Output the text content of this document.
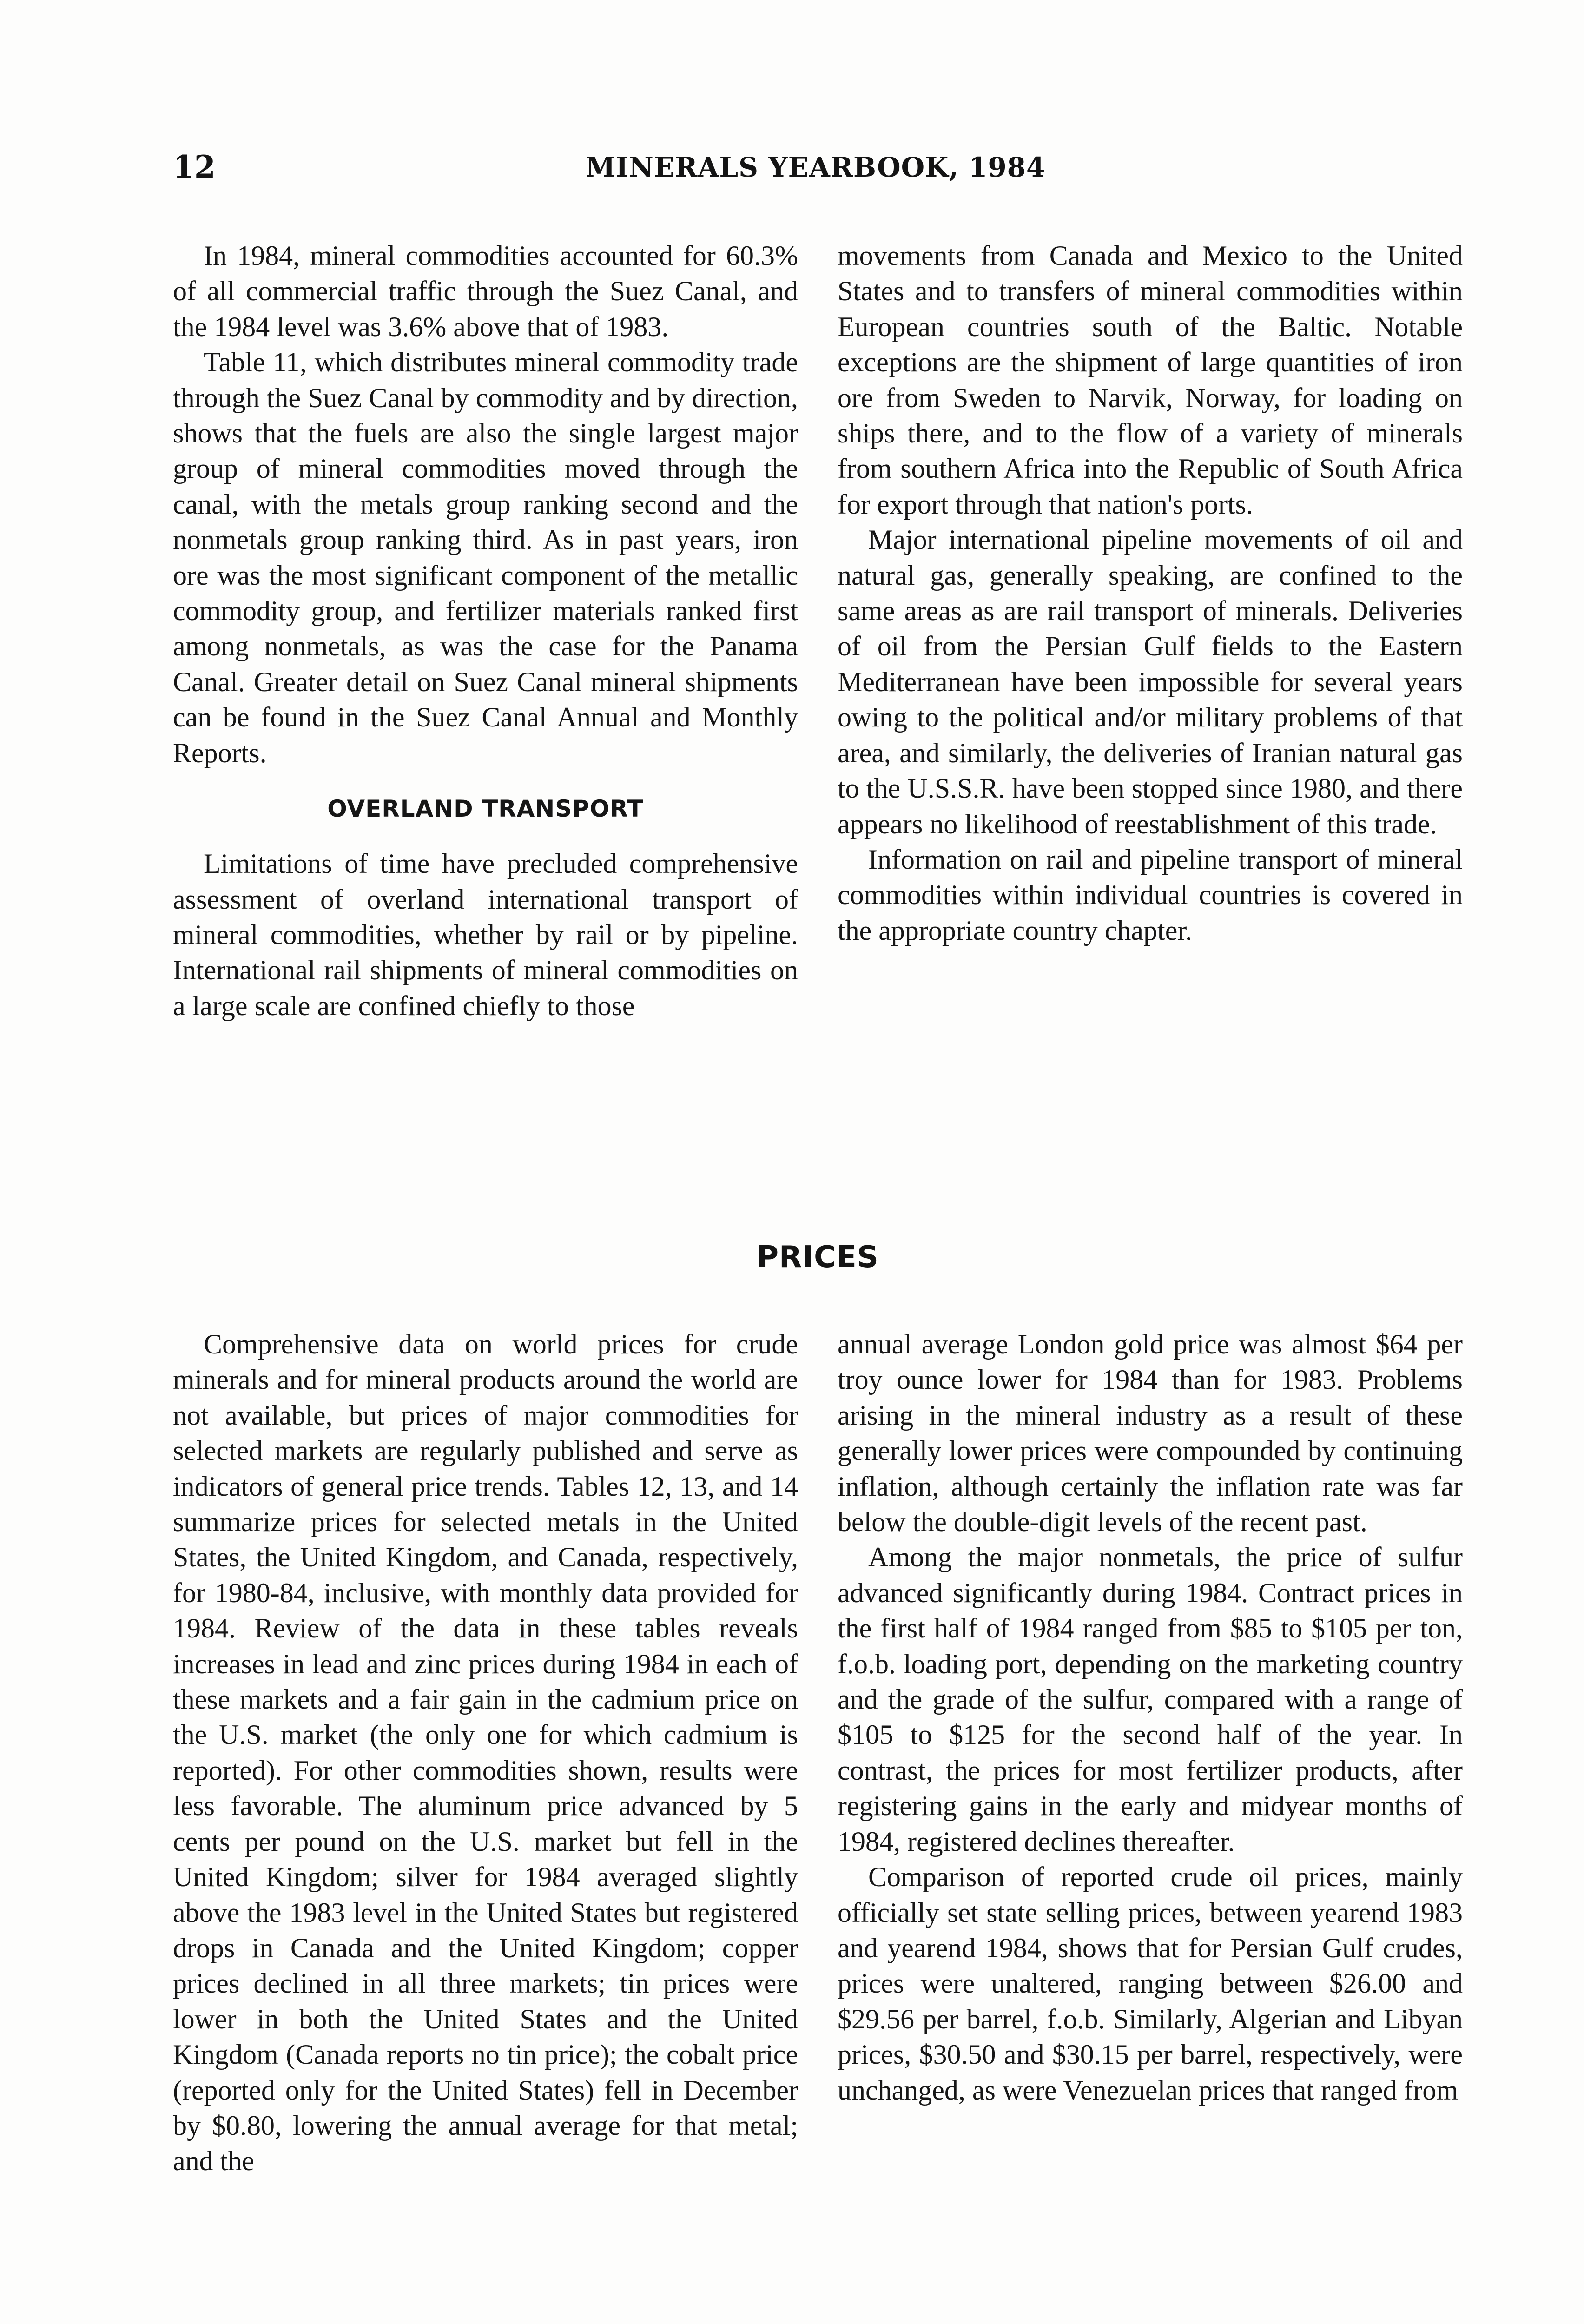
12	MINERALS YEARBOOK, 1984

In 1984, mineral commodities accounted for 60.3% of all commercial traffic through the Suez Canal, and the 1984 level was 3.6% above that of 1983.

Table 11, which distributes mineral commodity trade through the Suez Canal by commodity and by direction, shows that the fuels are also the single largest major group of mineral commodities moved through the canal, with the metals group ranking second and the nonmetals group ranking third. As in past years, iron ore was the most significant component of the metallic commodity group, and fertilizer materials ranked first among nonmetals, as was the case for the Panama Canal. Greater detail on Suez Canal mineral shipments can be found in the Suez Canal Annual and Monthly Reports.

OVERLAND TRANSPORT

Limitations of time have precluded comprehensive assessment of overland international transport of mineral commodities, whether by rail or by pipeline. International rail shipments of mineral commodities on a large scale are confined chiefly to those

movements from Canada and Mexico to the United States and to transfers of mineral commodities within European countries south of the Baltic. Notable exceptions are the shipment of large quantities of iron ore from Sweden to Narvik, Norway, for loading on ships there, and to the flow of a variety of minerals from southern Africa into the Republic of South Africa for export through that nation's ports.

Major international pipeline movements of oil and natural gas, generally speaking, are confined to the same areas as are rail transport of minerals. Deliveries of oil from the Persian Gulf fields to the Eastern Mediterranean have been impossible for several years owing to the political and/or military problems of that area, and similarly, the deliveries of Iranian natural gas to the U.S.S.R. have been stopped since 1980, and there appears no likelihood of reestablishment of this trade.

Information on rail and pipeline transport of mineral commodities within individual countries is covered in the appropriate country chapter.

PRICES

Comprehensive data on world prices for crude minerals and for mineral products around the world are not available, but prices of major commodities for selected markets are regularly published and serve as indicators of general price trends. Tables 12, 13, and 14 summarize prices for selected metals in the United States, the United Kingdom, and Canada, respectively, for 1980-84, inclusive, with monthly data provided for 1984. Review of the data in these tables reveals increases in lead and zinc prices during 1984 in each of these markets and a fair gain in the cadmium price on the U.S. market (the only one for which cadmium is reported). For other commodities shown, results were less favorable. The aluminum price advanced by 5 cents per pound on the U.S. market but fell in the United Kingdom; silver for 1984 averaged slightly above the 1983 level in the United States but registered drops in Canada and the United Kingdom; copper prices declined in all three markets; tin prices were lower in both the United States and the United Kingdom (Canada reports no tin price); the cobalt price (reported only for the United States) fell in December by $0.80, lowering the annual average for that metal; and the

annual average London gold price was almost $64 per troy ounce lower for 1984 than for 1983. Problems arising in the mineral industry as a result of these generally lower prices were compounded by continuing inflation, although certainly the inflation rate was far below the double-digit levels of the recent past.

Among the major nonmetals, the price of sulfur advanced significantly during 1984. Contract prices in the first half of 1984 ranged from $85 to $105 per ton, f.o.b. loading port, depending on the marketing country and the grade of the sulfur, compared with a range of $105 to $125 for the second half of the year. In contrast, the prices for most fertilizer products, after registering gains in the early and midyear months of 1984, registered declines thereafter.

Comparison of reported crude oil prices, mainly officially set state selling prices, between yearend 1983 and yearend 1984, shows that for Persian Gulf crudes, prices were unaltered, ranging between $26.00 and $29.56 per barrel, f.o.b. Similarly, Algerian and Libyan prices, $30.50 and $30.15 per barrel, respectively, were unchanged, as were Venezuelan prices that ranged from
